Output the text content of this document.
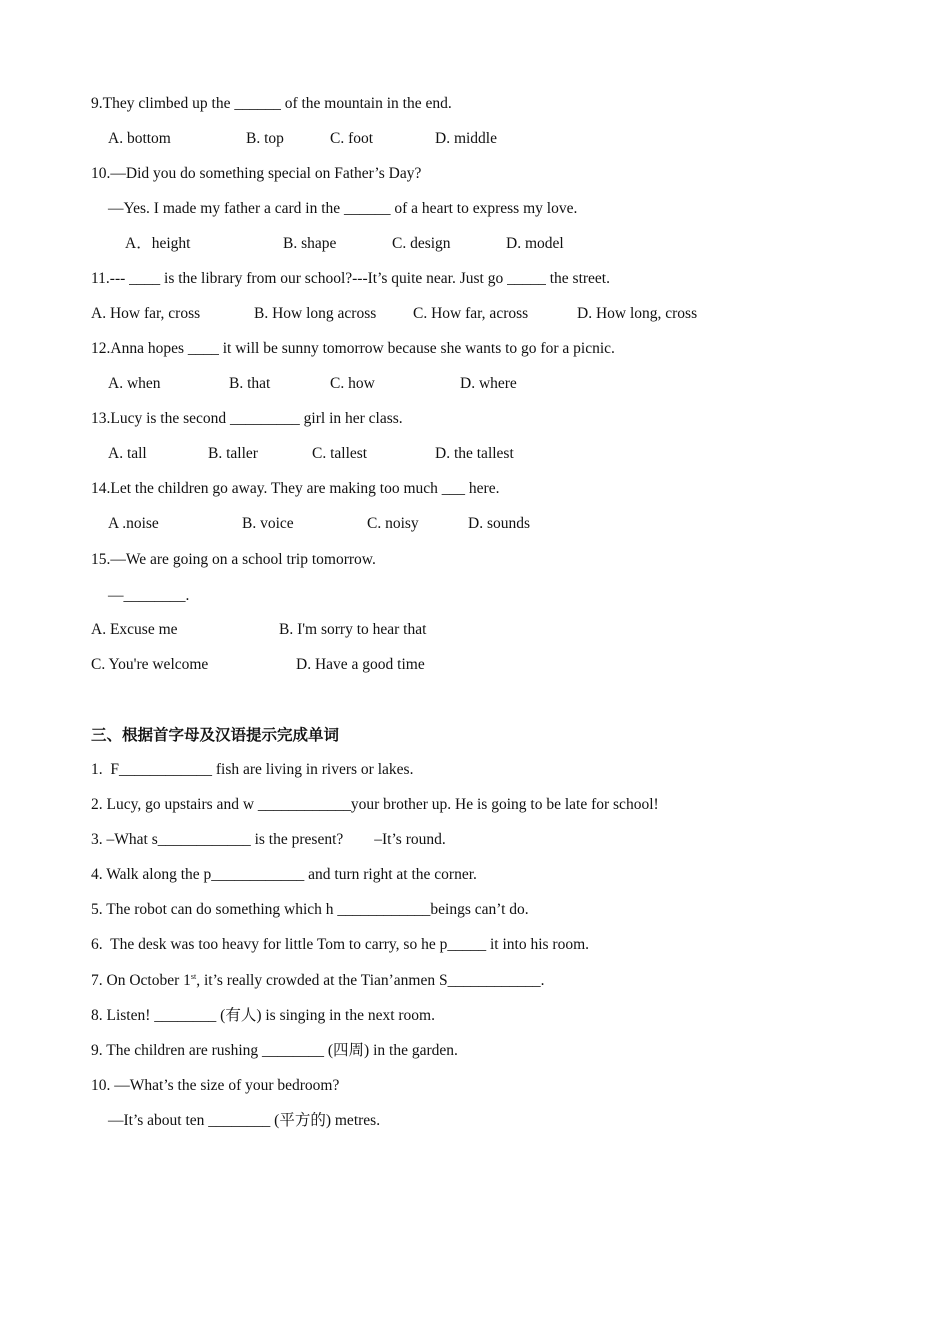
9.They climbed up the ______ of the mountain in the end.

A. bottom

	B. top

	C. foot

	D. middle

10.—Did you do something special on Father’s Day?

—Yes. I made my father a card in the ______ of a heart to express my love.

A．height

	B. shape

	C. design

	D. model

11.--- ____ is the library from our school?---It’s quite near. Just go _____ the street.

A. How far, cross

	B. How long across

C. How far, across

	D. How long, cross

12.Anna hopes ____ it will be sunny tomorrow because she wants to go for a picnic.

A. when

	B. that

	C. how

	D. where

13.Lucy is the second _________ girl in her class.

A. tall

	B. taller

	C. tallest

	D. the tallest

14.Let the children go away. They are making too much ___ here.

A .noise

	B. voice

	C. noisy

	D. sounds

15.—We are going on a school trip tomorrow.

—________.

A. Excuse me

	B. I'm sorry to hear that

C. You're welcome

	D. Have a good time

三、根据首字母及汉语提示完成单词

1.  F____________ fish are living in rivers or lakes.

2. Lucy, go upstairs and w ____________your brother up. He is going to be late for school!

3. –What s____________ is the present?        –It’s round.

4. Walk along the p____________ and turn right at the corner.

5. The robot can do something which h ____________beings can’t do.

6.  The desk was too heavy for little Tom to carry, so he p_____ it into his room.

7. On October 1st, it’s really crowded at the Tian’anmen S____________.

8. Listen! ________ (有人) is singing in the next room.

9. The children are rushing ________ (四周) in the garden.

10. —What’s the size of your bedroom?

—It’s about ten ________ (平方的) metres.
